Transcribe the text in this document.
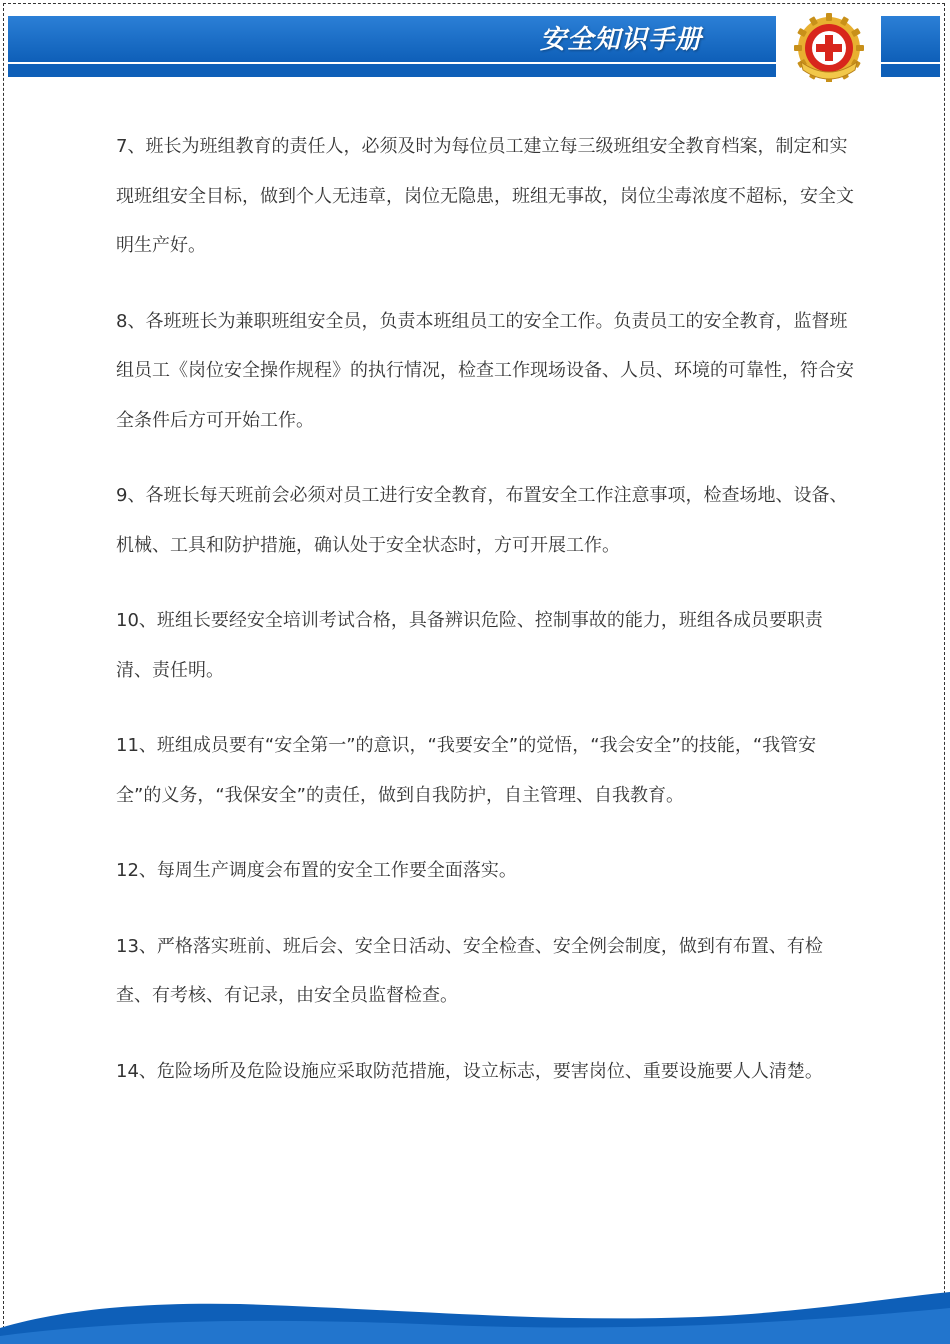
安全知识手册

7、班长为班组教育的责任人，必须及时为每位员工建立每三级班组安全教育档案，制定和实现班组安全目标，做到个人无违章，岗位无隐患，班组无事故，岗位尘毒浓度不超标，安全文明生产好。

8、各班班长为兼职班组安全员，负责本班组员工的安全工作。负责员工的安全教育，监督班组员工《岗位安全操作规程》的执行情况，检查工作现场设备、人员、环境的可靠性，符合安全条件后方可开始工作。

9、各班长每天班前会必须对员工进行安全教育，布置安全工作注意事项，检查场地、设备、机械、工具和防护措施，确认处于安全状态时，方可开展工作。

10、班组长要经安全培训考试合格，具备辨识危险、控制事故的能力，班组各成员要职责清、责任明。

11、班组成员要有“安全第一”的意识，“我要安全”的觉悟，“我会安全”的技能，“我管安全”的义务，“我保安全”的责任，做到自我防护，自主管理、自我教育。

12、每周生产调度会布置的安全工作要全面落实。

13、严格落实班前、班后会、安全日活动、安全检查、安全例会制度，做到有布置、有检查、有考核、有记录，由安全员监督检查。

14、危险场所及危险设施应采取防范措施，设立标志，要害岗位、重要设施要人人清楚。
